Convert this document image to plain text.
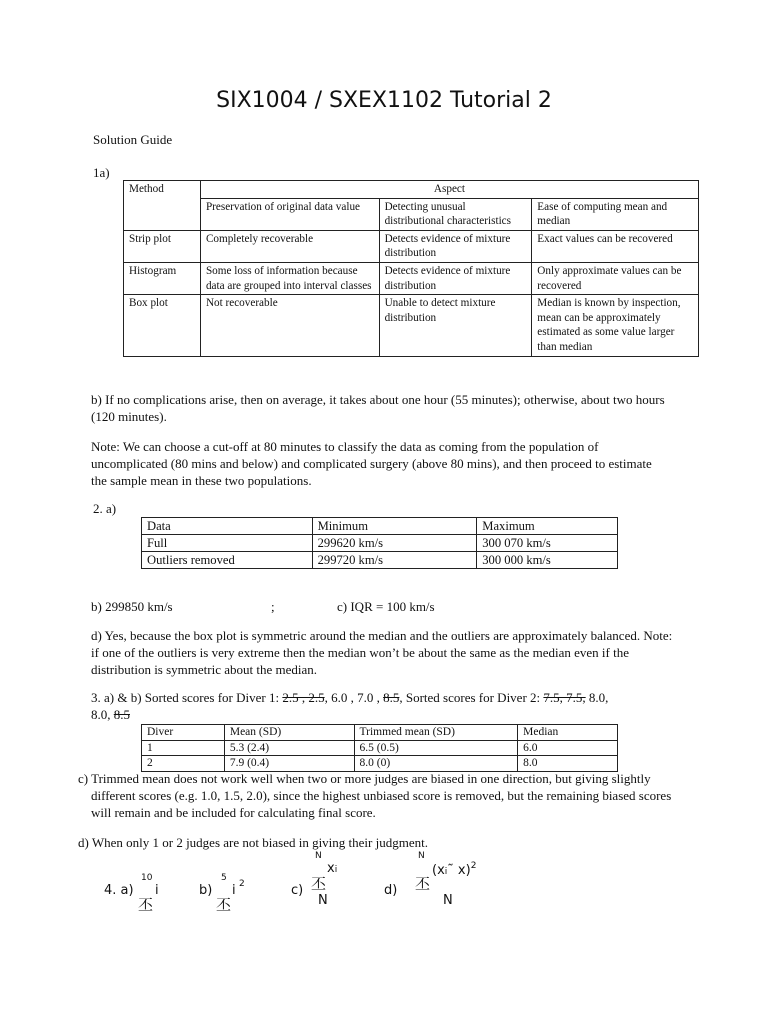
SIX1004 / SXEX1102 Tutorial 2
Solution Guide
1a)
Method	Aspect		
	Preservation of original data value	Detecting unusual distributional characteristics	Ease of computing mean and median
Strip plot	Completely recoverable	Detects evidence of mixture distribution	Exact values can be recovered
Histogram	Some loss of information because data are grouped into interval classes	Detects evidence of mixture distribution	Only approximate values can be recovered
Box plot	Not recoverable	Unable to detect mixture distribution	Median is known by inspection, mean can be approximately estimated as some value larger than median
b) If no complications arise, then on average, it takes about one hour (55 minutes); otherwise, about two hours (120 minutes).
Note: We can choose a cut-off at 80 minutes to classify the data as coming from the population of uncomplicated (80 mins and below) and complicated surgery (above 80 mins), and then proceed to estimate the sample mean in these two populations.
2. a)
Data	Minimum	Maximum
Full	299620 km/s	300 070 km/s
Outliers removed	299720 km/s	300 000 km/s
b) 299850 km/s	;	c) IQR = 100 km/s
d) Yes, because the box plot is symmetric around the median and the outliers are approximately balanced. Note: if one of the outliers is very extreme then the median won’t be about the same as the median even if the distribution is symmetric about the median.
3. a) & b) Sorted scores for Diver 1: 2.5 , 2.5, 6.0 , 7.0 , 8.5, Sorted scores for Diver 2: 7.5, 7.5, 8.0,
8.0, 8.5
Diver	Mean (SD)	Trimmed mean (SD)	Median
1	5.3 (2.4)	6.5 (0.5)	6.0
2	7.9 (0.4)	8.0 (0)	8.0
c) Trimmed mean does not work well when two or more judges are biased in one direction, but giving slightly different scores (e.g. 1.0, 1.5, 2.0), since the highest unbiased score is removed, but the remaining biased scores will remain and be included for calculating final score.
d) When only 1 or 2 judges are not biased in giving their judgment.
4. a)
10
i
丕
b)
5
i 2
丕
c)
N
xi
丕
N
d)
N
(xi˜ x)$^2$
丕
N
